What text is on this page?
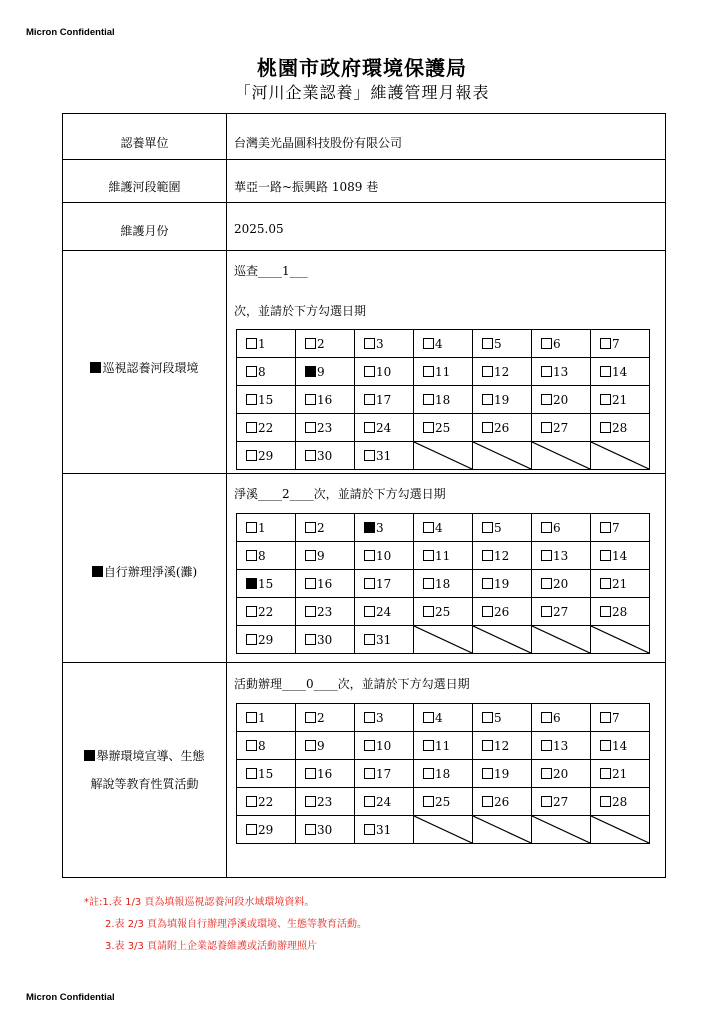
Micron Confidential
桃園市政府環境保護局
「河川企業認養」維護管理月報表
認養單位	台灣美光晶圓科技股份有限公司
維護河段範圍	華亞一路~振興路 1089 巷
維護月份	2025.05
巡視認養河段環境
巡查____1___
次，並請於下方勾選日期
1	2	3	4	5	6	7
8	9	10	11	12	13	14
15	16	17	18	19	20	21
22	23	24	25	26	27	28
29	30	31	

自行辦理淨溪(灘)
淨溪____2____次，並請於下方勾選日期
1	2	3	4	5	6	7
8	9	10	11	12	13	14
15	16	17	18	19	20	21
22	23	24	25	26	27	28
29	30	31	

舉辦環境宣導、生態
解說等教育性質活動
活動辦理____0____次，並請於下方勾選日期
1	2	3	4	5	6	7
8	9	10	11	12	13	14
15	16	17	18	19	20	21
22	23	24	25	26	27	28
29	30	31	

*註:1.表 1/3 頁為填報巡視認養河段水域環境資料。
2.表 2/3 頁為填報自行辦理淨溪或環境、生態等教育活動。
3.表 3/3 頁請附上企業認養維護或活動辦理照片
Micron Confidential
